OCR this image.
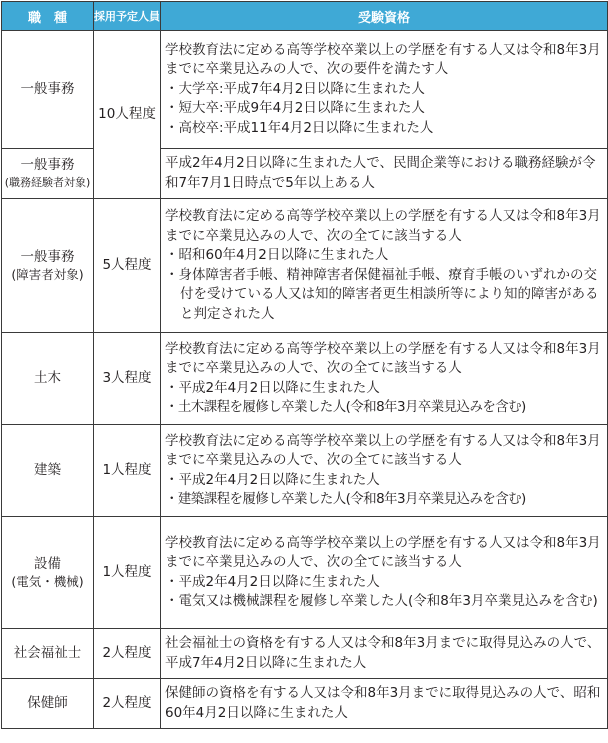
職　種	採用予定人員	受験資格
一般事務	10人程度	学校教育法に定める高等学校卒業以上の学歴を有する人又は令和8年3月までに卒業見込みの人で、次の要件を満たす人
・大学卒:平成7年4月2日以降に生まれた人
・短大卒:平成9年4月2日以降に生まれた人
・高校卒:平成11年4月2日以降に生まれた人

一般事務
(職務経験者対象)		平成2年4月2日以降に生まれた人で、民間企業等における職務経験が令和7年7月1日時点で5年以上ある人

一般事務
(障害者対象)	5人程度	学校教育法に定める高等学校卒業以上の学歴を有する人又は令和8年3月までに卒業見込みの人で、次の全てに該当する人
・昭和60年4月2日以降に生まれた人
・身体障害者手帳、精神障害者保健福祉手帳、療育手帳のいずれかの交付を受けている人又は知的障害者更生相談所等により知的障害があると判定された人

土木	3人程度	学校教育法に定める高等学校卒業以上の学歴を有する人又は令和8年3月までに卒業見込みの人で、次の全てに該当する人
・平成2年4月2日以降に生まれた人
・土木課程を履修し卒業した人(令和8年3月卒業見込みを含む)

建築	1人程度	学校教育法に定める高等学校卒業以上の学歴を有する人又は令和8年3月までに卒業見込みの人で、次の全てに該当する人
・平成2年4月2日以降に生まれた人
・建築課程を履修し卒業した人(令和8年3月卒業見込みを含む)

設備
(電気・機械)	1人程度	学校教育法に定める高等学校卒業以上の学歴を有する人又は令和8年3月までに卒業見込みの人で、次の全てに該当する人
・平成2年4月2日以降に生まれた人
・電気又は機械課程を履修し卒業した人(令和8年3月卒業見込みを含む)

社会福祉士	2人程度	社会福祉士の資格を有する人又は令和8年3月までに取得見込みの人で、平成7年4月2日以降に生まれた人

保健師	2人程度	保健師の資格を有する人又は令和8年3月までに取得見込みの人で、昭和60年4月2日以降に生まれた人
